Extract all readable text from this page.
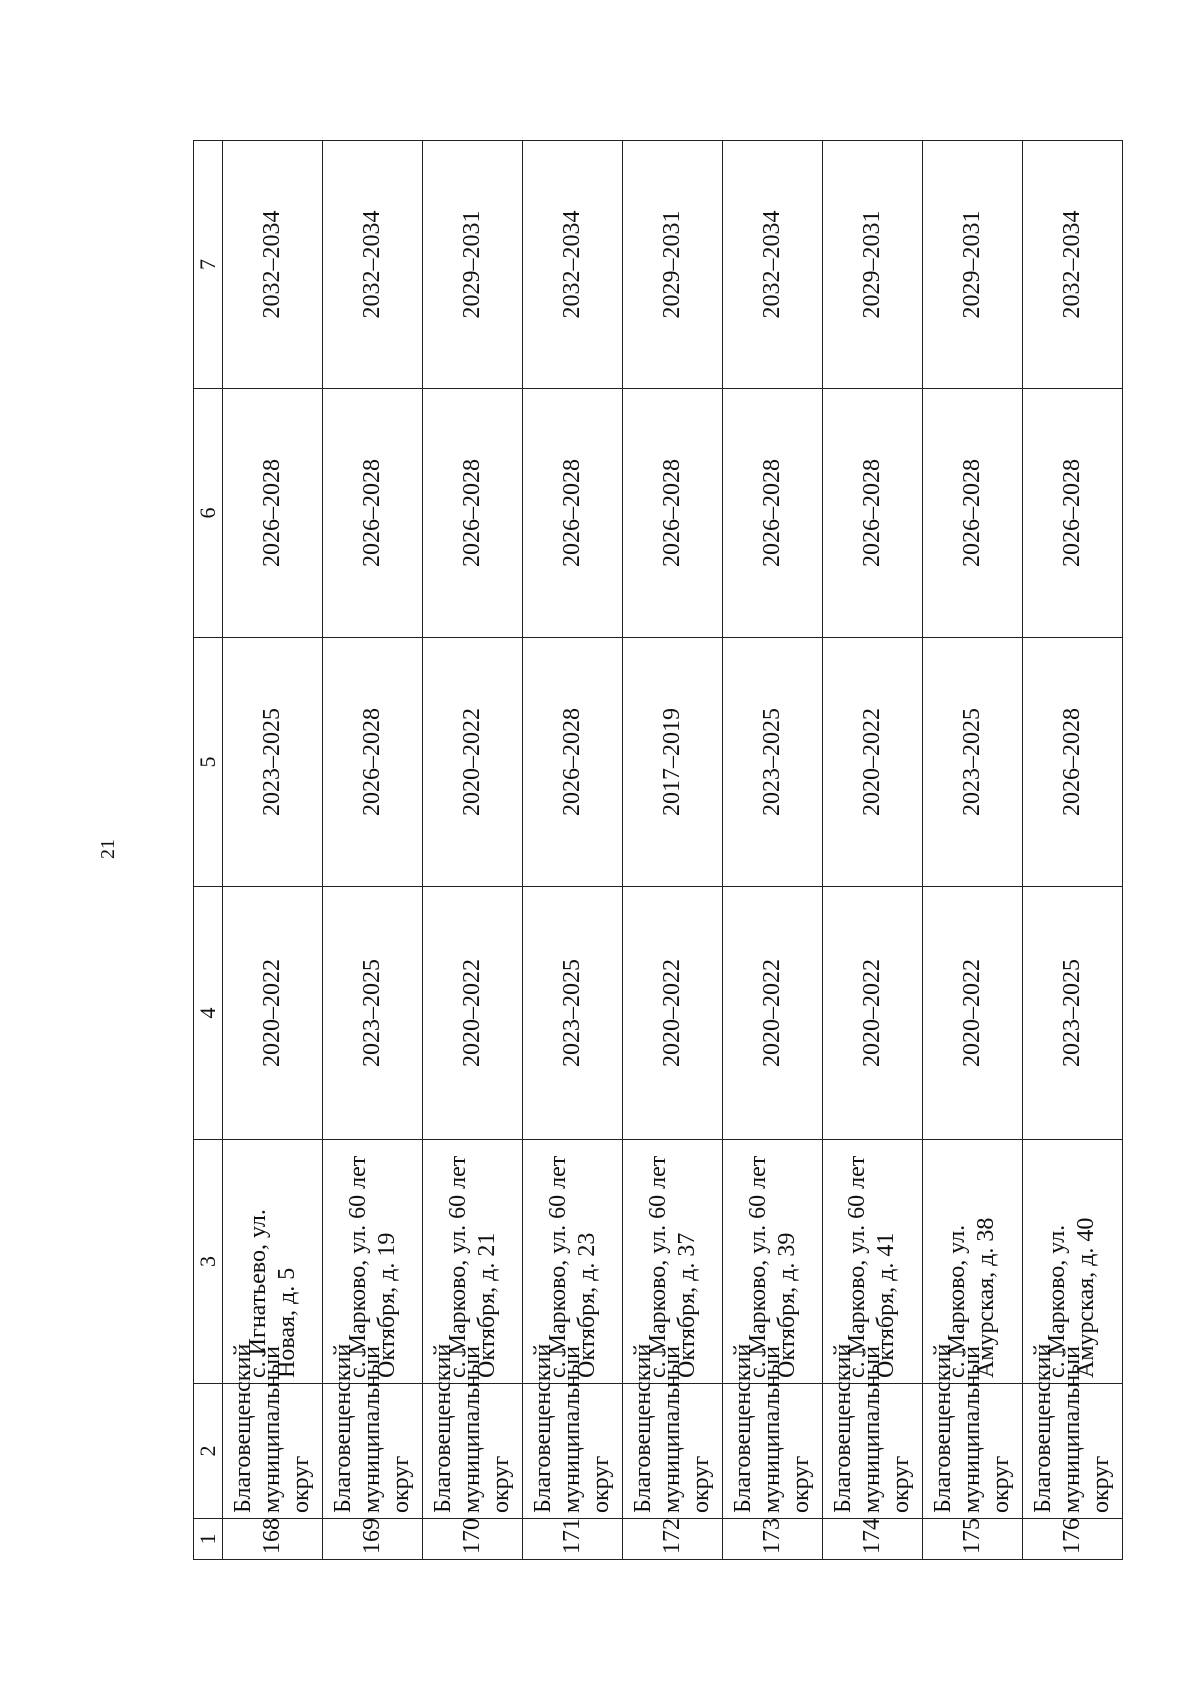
21
1	2	3	4	5	6	7
168	Благовещенский муниципальный округ	с. Игнатьево, ул. Новая, д. 5	2020–2022	2023–2025	2026–2028	2032–2034
169	Благовещенский муниципальный округ	с. Марково, ул. 60 лет Октября, д. 19	2023–2025	2026–2028	2026–2028	2032–2034
170	Благовещенский муниципальный округ	с. Марково, ул. 60 лет Октября, д. 21	2020–2022	2020–2022	2026–2028	2029–2031
171	Благовещенский муниципальный округ	с. Марково, ул. 60 лет Октября, д. 23	2023–2025	2026–2028	2026–2028	2032–2034
172	Благовещенский муниципальный округ	с. Марково, ул. 60 лет Октября, д. 37	2020–2022	2017–2019	2026–2028	2029–2031
173	Благовещенский муниципальный округ	с. Марково, ул. 60 лет Октября, д. 39	2020–2022	2023–2025	2026–2028	2032–2034
174	Благовещенский муниципальный округ	с. Марково, ул. 60 лет Октября, д. 41	2020–2022	2020–2022	2026–2028	2029–2031
175	Благовещенский муниципальный округ	с. Марково, ул. Амурская, д. 38	2020–2022	2023–2025	2026–2028	2029–2031
176	Благовещенский муниципальный округ	с. Марково, ул. Амурская, д. 40	2023–2025	2026–2028	2026–2028	2032–2034
